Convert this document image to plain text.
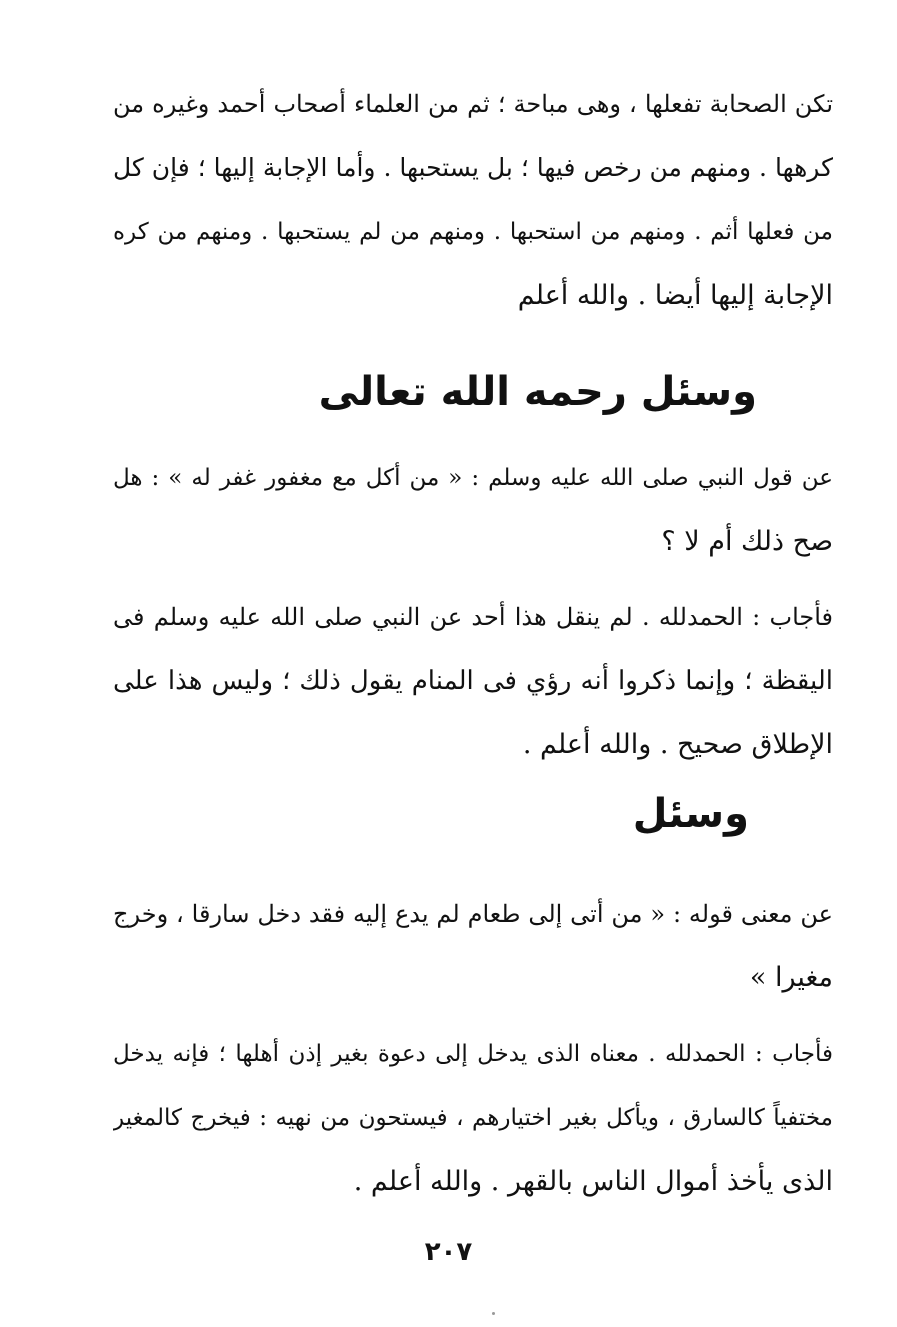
تكن الصحابة تفعلها ، وهى مباحة ؛ ثم من العلماء أصحاب أحمد وغيره من
كرهها . ومنهم من رخص فيها ؛ بل يستحبها . وأما الإجابة إليها ؛ فإن كل
من فعلها أثم . ومنهم من استحبها . ومنهم من لم يستحبها . ومنهم من كره
الإجابة إليها أيضا . والله أعلم
وسئل رحمه الله تعالى
عن قول النبي صلى الله عليه وسلم : « من أكل مع مغفور غفر له » : هل
صح ذلك أم لا ؟
فأجاب : الحمدلله . لم ينقل هذا أحد عن النبي صلى الله عليه وسلم فى
اليقظة ؛ وإنما ذكروا أنه رؤي فى المنام يقول ذلك ؛ وليس هذا على
الإطلاق صحيح . والله أعلم .
وسئل
عن معنى قوله : « من أتى إلى طعام لم يدع إليه فقد دخل سارقا ، وخرج
مغيرا »
فأجاب : الحمدلله . معناه الذى يدخل إلى دعوة بغير إذن أهلها ؛ فإنه يدخل
مختفياً كالسارق ، ويأكل بغير اختيارهم ، فيستحون من نهيه : فيخرج كالمغير
الذى يأخذ أموال الناس بالقهر . والله أعلم .
٢٠٧
